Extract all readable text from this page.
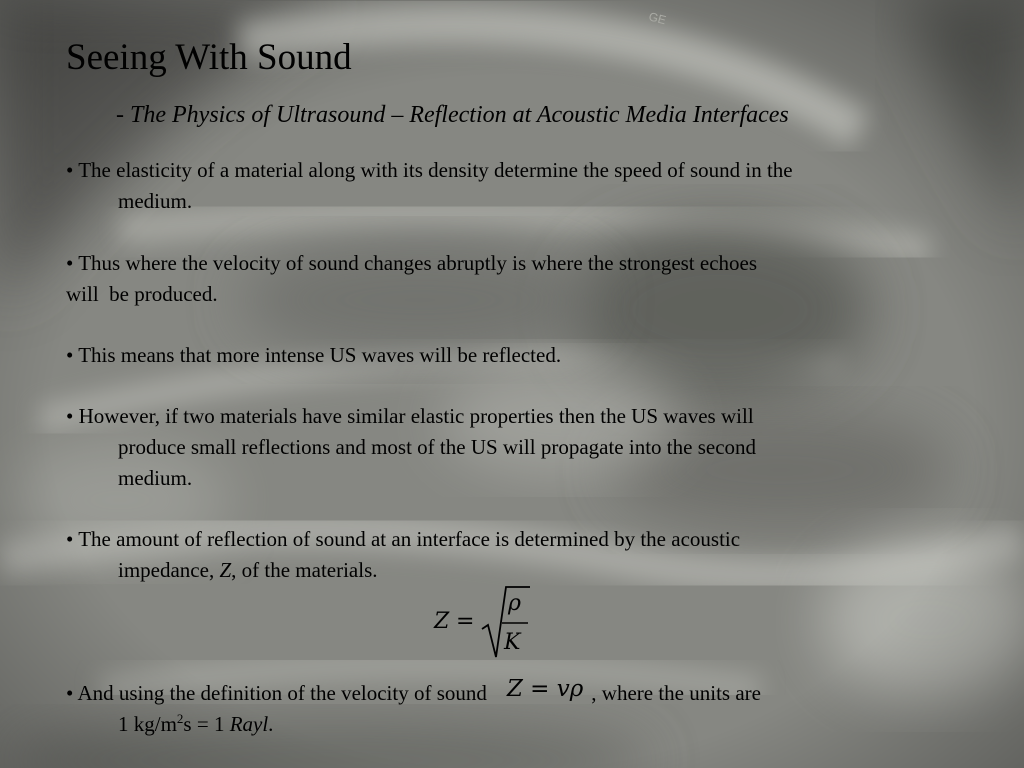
GE
Seeing With Sound
- The Physics of Ultrasound – Reflection at Acoustic Media Interfaces
• The elasticity of a material along with its density determine the speed of sound in the
medium.
• Thus where the velocity of sound changes abruptly is where the strongest echoes
will  be produced.
• This means that more intense US waves will be reflected.
• However, if two materials have similar elastic properties then the US waves will
produce small reflections and most of the US will propagate into the second
medium.
• The amount of reflection of sound at an interface is determined by the acoustic
impedance, Z, of the materials.
Z =
ρ
K
• And using the definition of the velocity of sound Z = vρ , where the units are
1 $kg/m^2s = 1$ Rayl.
